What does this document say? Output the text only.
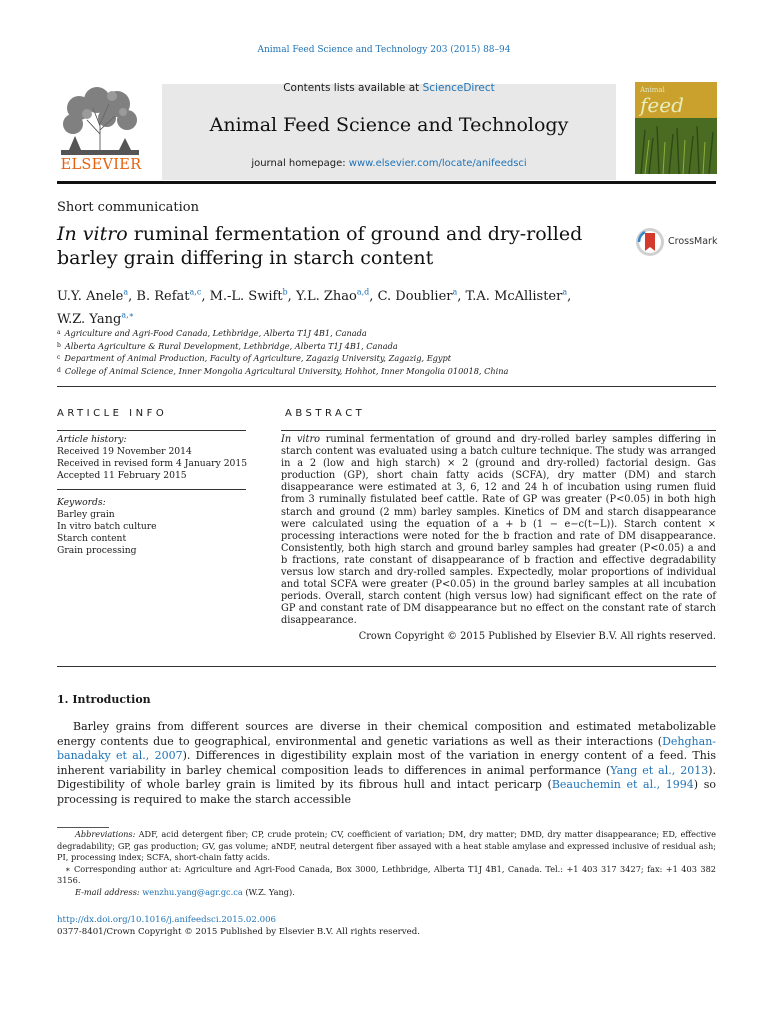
Animal Feed Science and Technology 203 (2015) 88–94
Contents lists available at ScienceDirect
Animal Feed Science and Technology
journal homepage: www.elsevier.com/locate/anifeedsci
ELSEVIER
Animal
feed
Short communication
In vitro ruminal fermentation of ground and dry-rolled barley grain differing in starch content
CrossMark
U.Y. Anele$^a$, B. Refat$^{a,c}$, M.-L. Swift$^b$, Y.L. Zhao$^{a,d}$, C. Doublier$^a$, T.A. McAllister$^a$,
W.Z. Yang$^{a,∗}$
$^a$ Agriculture and Agri-Food Canada, Lethbridge, Alberta T1J 4B1, Canada
$^b$ Alberta Agriculture & Rural Development, Lethbridge, Alberta T1J 4B1, Canada
$^c$ Department of Animal Production, Faculty of Agriculture, Zagazig University, Zagazig, Egypt
$^d$ College of Animal Science, Inner Mongolia Agricultural University, Hohhot, Inner Mongolia 010018, China
ARTICLE INFO
Article history:
Received 19 November 2014
Received in revised form 4 January 2015
Accepted 11 February 2015
Keywords:
Barley grain
In vitro batch culture
Starch content
Grain processing
ABSTRACT
In vitro ruminal fermentation of ground and dry-rolled barley samples differing in starch content was evaluated using a batch culture technique. The study was arranged in a 2 (low and high starch) × 2 (ground and dry-rolled) factorial design. Gas production (GP), short chain fatty acids (SCFA), dry matter (DM) and starch disappearance were estimated at 3, 6, 12 and 24 h of incubation using rumen fluid from 3 ruminally fistulated beef cattle. Rate of GP was greater (P<0.05) in both high starch and ground (2 mm) barley samples. Kinetics of DM and starch disappearance were calculated using the equation of a + b (1 − e−c(t−L)). Starch content × processing interactions were noted for the b fraction and rate of DM disappearance. Consistently, both high starch and ground barley samples had greater (P<0.05) a and b fractions, rate constant of disappearance of b fraction and effective degradability versus low starch and dry-rolled samples. Expectedly, molar proportions of individual and total SCFA were greater (P<0.05) in the ground barley samples at all incubation periods. Overall, starch content (high versus low) had significant effect on the rate of GP and constant rate of DM disappearance but no effect on the constant rate of starch disappearance.
Crown Copyright © 2015 Published by Elsevier B.V. All rights reserved.
1. Introduction
Barley grains from different sources are diverse in their chemical composition and estimated metabolizable energy contents due to geographical, environmental and genetic variations as well as their interactions (Dehghan-banadaky et al., 2007). Differences in digestibility explain most of the variation in energy content of a feed. This inherent variability in barley chemical composition leads to differences in animal performance (Yang et al., 2013). Digestibility of whole barley grain is limited by its fibrous hull and intact pericarp (Beauchemin et al., 1994) so processing is required to make the starch accessible
Abbreviations: ADF, acid detergent fiber; CP, crude protein; CV, coefficient of variation; DM, dry matter; DMD, dry matter disappearance; ED, effective degradability; GP, gas production; GV, gas volume; aNDF, neutral detergent fiber assayed with a heat stable amylase and expressed inclusive of residual ash; PI, processing index; SCFA, short-chain fatty acids.
∗ Corresponding author at: Agriculture and Agri-Food Canada, Box 3000, Lethbridge, Alberta T1J 4B1, Canada. Tel.: +1 403 317 3427; fax: +1 403 382 3156.
E-mail address: wenzhu.yang@agr.gc.ca (W.Z. Yang).
http://dx.doi.org/10.1016/j.anifeedsci.2015.02.006
0377-8401/Crown Copyright © 2015 Published by Elsevier B.V. All rights reserved.
